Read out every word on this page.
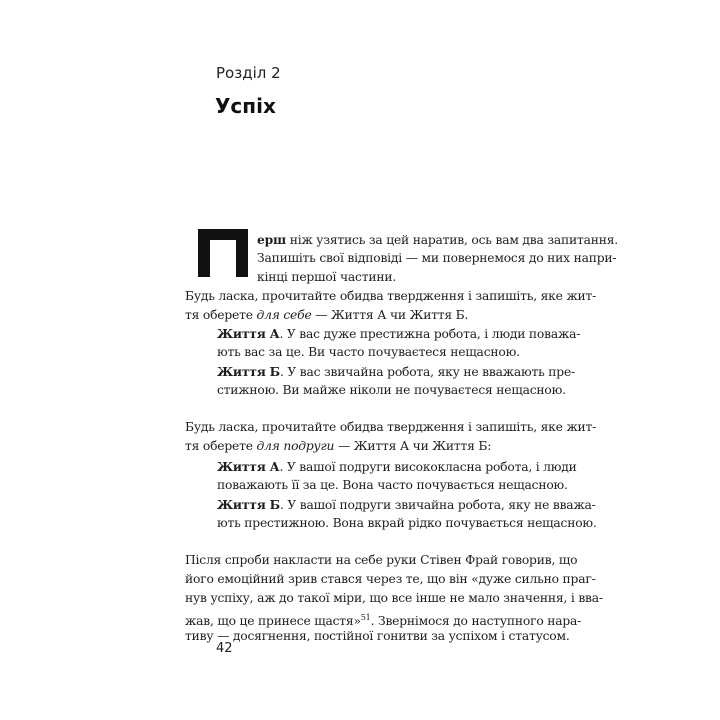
Розділ 2
Успіх
ерш ніж узятись за цей наратив, ось вам два запитання.
Запишіть свої відповіді — ми повернемося до них напри-
кінці першої частини.
Будь ласка, прочитайте обидва твердження і запишіть, яке жит-
тя оберете для себе — Життя А чи Життя Б.
Життя А. У вас дуже престижна робота, і люди поважа-
ють вас за це. Ви часто почуваєтеся нещасною.
Життя Б. У вас звичайна робота, яку не вважають пре-
стижною. Ви майже ніколи не почуваєтеся нещасною.
Будь ласка, прочитайте обидва твердження і запишіть, яке жит-
тя оберете для подруги — Життя А чи Життя Б:
Життя А. У вашої подруги висококласна робота, і люди
поважають її за це. Вона часто почувається нещасною.
Життя Б. У вашої подруги звичайна робота, яку не вважа-
ють престижною. Вона вкрай рідко почувається нещасною.
Після спроби накласти на себе руки Стівен Фрай говорив, що
його емоційний зрив стався через те, що він «дуже сильно праг-
нув успіху, аж до такої міри, що все інше не мало значення, і вва-
жав, що це принесе щастя»$^{51}$. Звернімося до наступного нара-
тиву — досягнення, постійної гонитви за успіхом і статусом.
42
